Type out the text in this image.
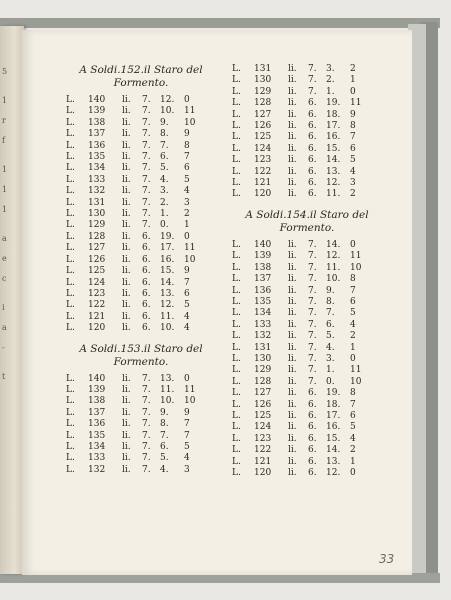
5
1
r
f
1
1
1
a
e
c
i
a
-
t
A Soldi.152.il Staro del
Formento.
L.	140	li.	7.	12.	0
L.	139	li.	7.	10.	11
L.	138	li.	7.	9.	10
L.	137	li.	7.	8.	9
L.	136	li.	7.	7.	8
L.	135	li.	7.	6.	7
L.	134	li.	7.	5.	6
L.	133	li.	7.	4.	5
L.	132	li.	7.	3.	4
L.	131	li.	7.	2.	3
L.	130	li.	7.	1.	2
L.	129	li.	7.	0.	1
L.	128	li.	6.	19.	0
L.	127	li.	6.	17.	11
L.	126	li.	6.	16.	10
L.	125	li.	6.	15.	9
L.	124	li.	6.	14.	7
L.	123	li.	6.	13.	6
L.	122	li.	6.	12.	5
L.	121	li.	6.	11.	4
L.	120	li.	6.	10.	4
A Soldi.153.il Staro del
Formento.
L.	140	li.	7.	13.	0
L.	139	li.	7.	11.	11
L.	138	li.	7.	10.	10
L.	137	li.	7.	9.	9
L.	136	li.	7.	8.	7
L.	135	li.	7.	7.	7
L.	134	li.	7.	6.	5
L.	133	li.	7.	5.	4
L.	132	li.	7.	4.	3
L.	131	li.	7.	3.	2
L.	130	li.	7.	2.	1
L.	129	li.	7.	1.	0
L.	128	li.	6.	19.	11
L.	127	li.	6.	18.	9
L.	126	li.	6.	17.	8
L.	125	li.	6.	16.	7
L.	124	li.	6.	15.	6
L.	123	li.	6.	14.	5
L.	122	li.	6.	13.	4
L.	121	li.	6.	12.	3
L.	120	li.	6.	11.	2
A Soldi.154.il Staro del
Formento.
L.	140	li.	7.	14.	0
L.	139	li.	7.	12.	11
L.	138	li.	7.	11.	10
L.	137	li.	7.	10.	8
L.	136	li.	7.	9.	7
L.	135	li.	7.	8.	6
L.	134	li.	7.	7.	5
L.	133	li.	7.	6.	4
L.	132	li.	7.	5.	2
L.	131	li.	7.	4.	1
L.	130	li.	7.	3.	0
L.	129	li.	7.	1.	11
L.	128	li.	7.	0.	10
L.	127	li.	6.	19.	8
L.	126	li.	6.	18.	7
L.	125	li.	6.	17.	6
L.	124	li.	6.	16.	5
L.	123	li.	6.	15.	4
L.	122	li.	6.	14.	2
L.	121	li.	6.	13.	1
L.	120	li.	6.	12.	0
33
